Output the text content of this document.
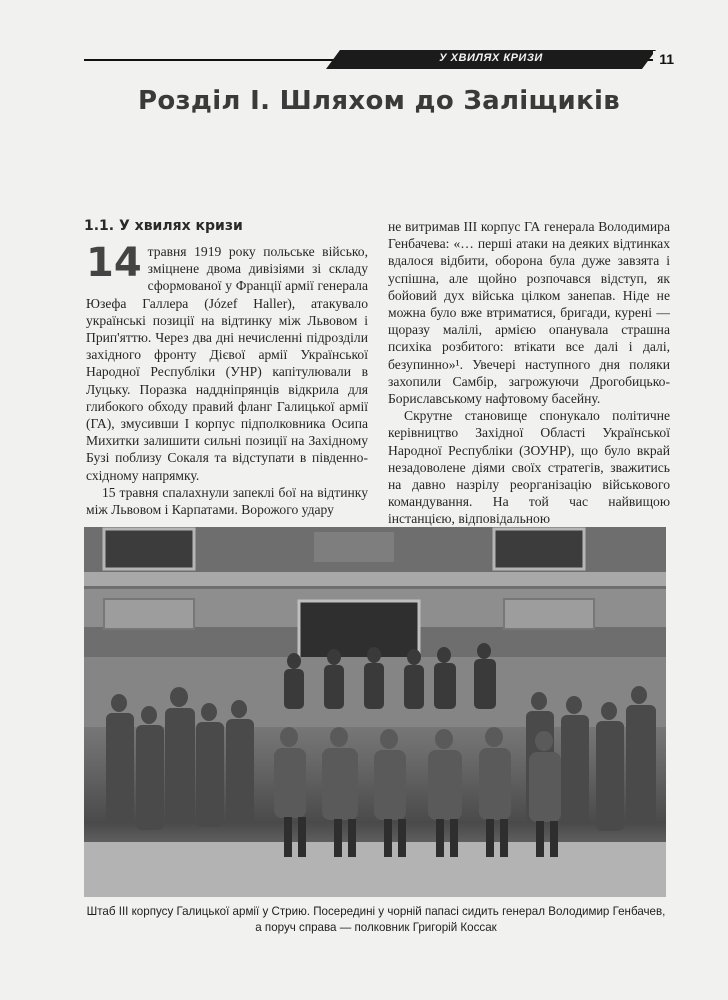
У ХВИЛЯХ КРИЗИ	11
Розділ І. Шляхом до Заліщиків
1.1. У хвилях кризи

14 травня 1919 року польське військо, зміцнене двома дивізіями зі складу сформованої у Франції армії генерала Юзефа Галлера (Józef Haller), атакувало українські позиції на відтинку між Львовом і Прип'яттю. Через два дні нечисленні підрозділи західного фронту Дієвої армії Української Народної Республіки (УНР) капітулювали в Луцьку. Поразка наддніпрянців відкрила для глибокого обходу правий фланг Галицької армії (ГА), змусивши І корпус підполковника Осипа Михитки залишити сильні позиції на Західному Бузі поблизу Сокаля та відступати в південно-східному напрямку.

15 травня спалахнули запеклі бої на відтинку між Львовом і Карпатами. Ворожого удару

не витримав ІІІ корпус ГА генерала Володимира Генбачева: «… перші атаки на деяких відтинках вдалося відбити, оборона була дуже завзята і успішна, але щойно розпочався відступ, як бойовий дух війська цілком занепав. Ніде не можна було вже втриматися, бригади, курені — щоразу малілі, армією опанувала страшна психіка розбитого: втікати все далі і далі, безупинно»¹. Увечері наступного дня поляки захопили Самбір, загрожуючи Дрогобицько-Бориславському нафтовому басейну.

Скрутне становище спонукало політичне керівництво Західної Області Української Народної Республіки (ЗОУНР), що було вкрай незадоволене діями своїх стратегів, зважитись на давно назрілу реорганізацію військового командування. На той час найвищою інстанцією, відповідальною

Штаб ІІІ корпусу Галицької армії у Стрию. Посередині у чорній папасі сидить генерал Володимир Генбачев,
а поруч справа — полковник Григорій Коссак
